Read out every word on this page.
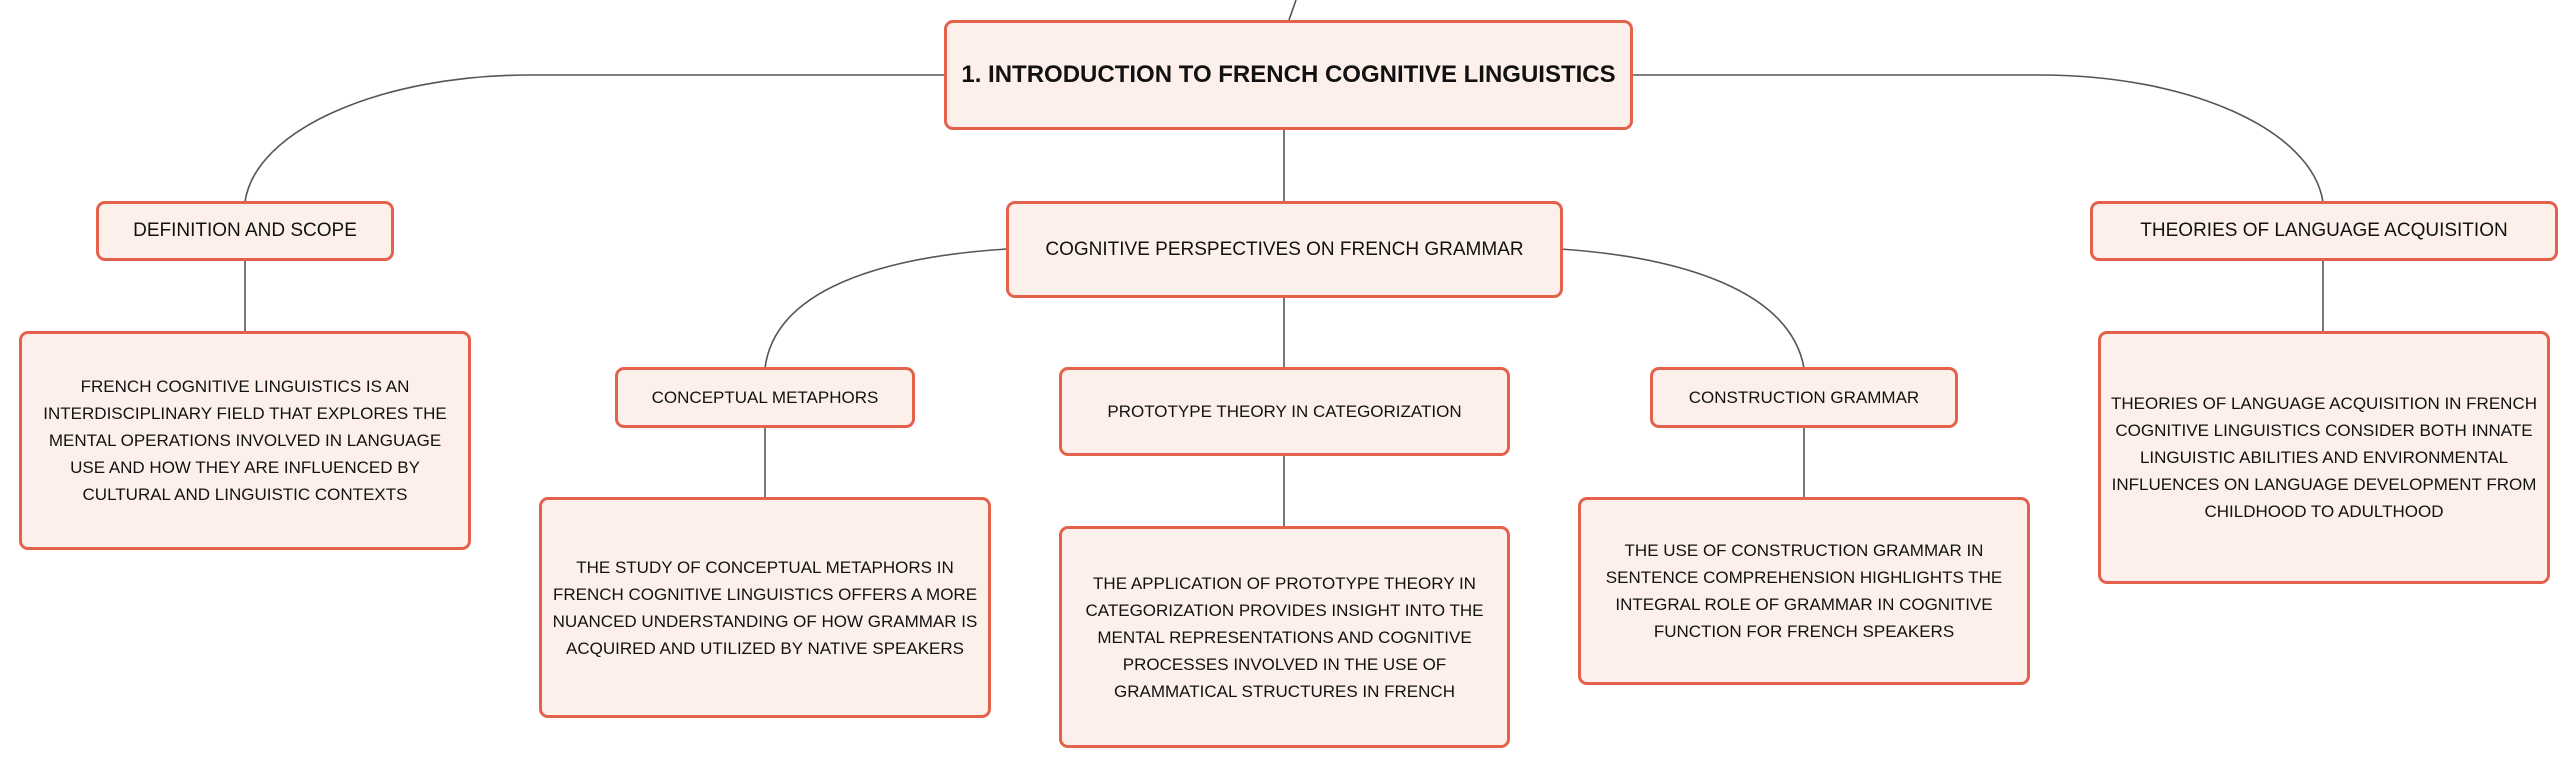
1. INTRODUCTION TO FRENCH COGNITIVE LINGUISTICS
DEFINITION AND SCOPE
FRENCH COGNITIVE LINGUISTICS IS AN INTERDISCIPLINARY FIELD THAT EXPLORES THE MENTAL OPERATIONS INVOLVED IN LANGUAGE USE AND HOW THEY ARE INFLUENCED BY CULTURAL AND LINGUISTIC CONTEXTS
COGNITIVE PERSPECTIVES ON FRENCH GRAMMAR
CONCEPTUAL METAPHORS
THE STUDY OF CONCEPTUAL METAPHORS IN FRENCH COGNITIVE LINGUISTICS OFFERS A MORE NUANCED UNDERSTANDING OF HOW GRAMMAR IS ACQUIRED AND UTILIZED BY NATIVE SPEAKERS
PROTOTYPE THEORY IN CATEGORIZATION
THE APPLICATION OF PROTOTYPE THEORY IN CATEGORIZATION PROVIDES INSIGHT INTO THE MENTAL REPRESENTATIONS AND COGNITIVE PROCESSES INVOLVED IN THE USE OF GRAMMATICAL STRUCTURES IN FRENCH
CONSTRUCTION GRAMMAR
THE USE OF CONSTRUCTION GRAMMAR IN SENTENCE COMPREHENSION HIGHLIGHTS THE INTEGRAL ROLE OF GRAMMAR IN COGNITIVE FUNCTION FOR FRENCH SPEAKERS
THEORIES OF LANGUAGE ACQUISITION
THEORIES OF LANGUAGE ACQUISITION IN FRENCH COGNITIVE LINGUISTICS CONSIDER BOTH INNATE LINGUISTIC ABILITIES AND ENVIRONMENTAL INFLUENCES ON LANGUAGE DEVELOPMENT FROM CHILDHOOD TO ADULTHOOD
